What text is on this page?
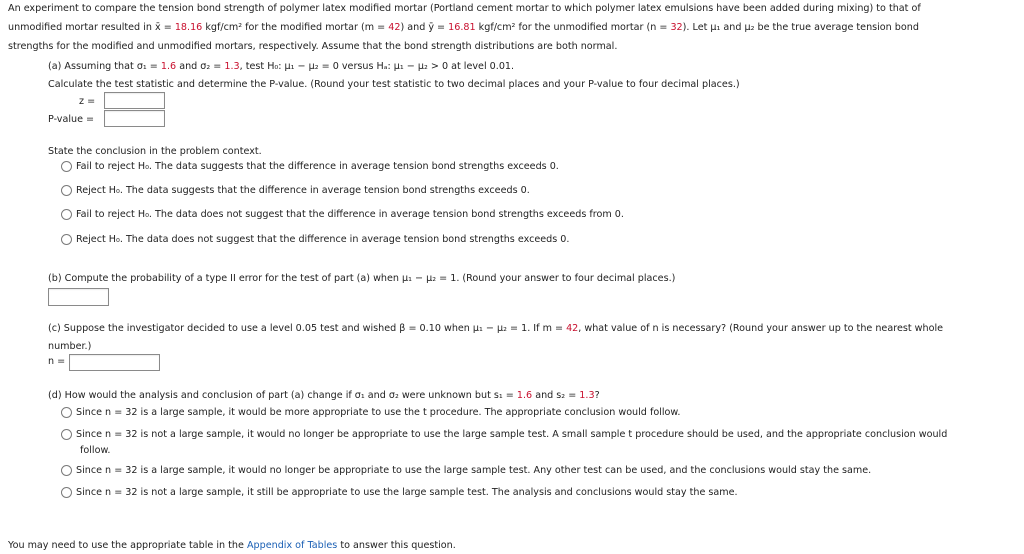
An experiment to compare the tension bond strength of polymer latex modified mortar (Portland cement mortar to which polymer latex emulsions have been added during mixing) to that of
unmodified mortar resulted in x̄ = 18.16 kgf/cm² for the modified mortar (m = 42) and ȳ = 16.81 kgf/cm² for the unmodified mortar (n = 32). Let μ₁ and μ₂ be the true average tension bond
strengths for the modified and unmodified mortars, respectively. Assume that the bond strength distributions are both normal.
(a) Assuming that σ₁ = 1.6 and σ₂ = 1.3, test H₀: μ₁ − μ₂ = 0 versus Hₐ: μ₁ − μ₂ > 0 at level 0.01.
Calculate the test statistic and determine the P-value. (Round your test statistic to two decimal places and your P-value to four decimal places.)
z =
P-value =
State the conclusion in the problem context.
Fail to reject H₀. The data suggests that the difference in average tension bond strengths exceeds 0.
Reject H₀. The data suggests that the difference in average tension bond strengths exceeds 0.
Fail to reject H₀. The data does not suggest that the difference in average tension bond strengths exceeds from 0.
Reject H₀. The data does not suggest that the difference in average tension bond strengths exceeds 0.
(b) Compute the probability of a type II error for the test of part (a) when μ₁ − μ₂ = 1. (Round your answer to four decimal places.)
(c) Suppose the investigator decided to use a level 0.05 test and wished β = 0.10 when μ₁ − μ₂ = 1. If m = 42, what value of n is necessary? (Round your answer up to the nearest whole
number.)
n =
(d) How would the analysis and conclusion of part (a) change if σ₁ and σ₂ were unknown but s₁ = 1.6 and s₂ = 1.3?
Since n = 32 is a large sample, it would be more appropriate to use the t procedure. The appropriate conclusion would follow.
Since n = 32 is not a large sample, it would no longer be appropriate to use the large sample test. A small sample t procedure should be used, and the appropriate conclusion would
follow.
Since n = 32 is a large sample, it would no longer be appropriate to use the large sample test. Any other test can be used, and the conclusions would stay the same.
Since n = 32 is not a large sample, it still be appropriate to use the large sample test. The analysis and conclusions would stay the same.
You may need to use the appropriate table in the Appendix of Tables to answer this question.
